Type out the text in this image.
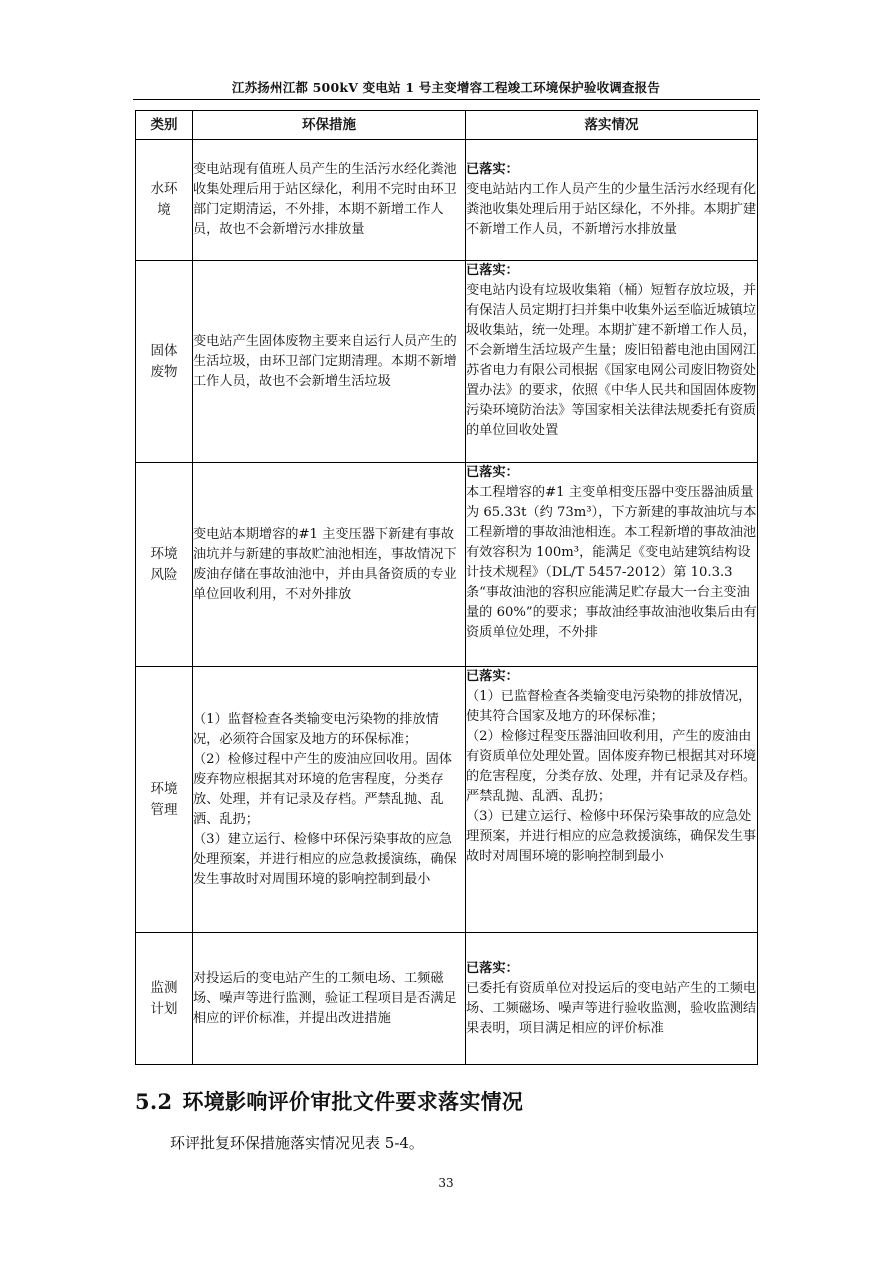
江苏扬州江都 500kV 变电站 1 号主变增容工程竣工环境保护验收调查报告
类别	环保措施	落实情况
水环境	变电站现有值班人员产生的生活污水经化粪池收集处理后用于站区绿化，利用不完时由环卫部门定期清运，不外排，本期不新增工作人员，故也不会新增污水排放量	已落实：
变电站站内工作人员产生的少量生活污水经现有化粪池收集处理后用于站区绿化，不外排。本期扩建不新增工作人员，不新增污水排放量

固体废物	变电站产生固体废物主要来自运行人员产生的生活垃圾，由环卫部门定期清理。本期不新增工作人员，故也不会新增生活垃圾	已落实：
变电站内设有垃圾收集箱（桶）短暂存放垃圾，并有保洁人员定期打扫并集中收集外运至临近城镇垃圾收集站，统一处理。本期扩建不新增工作人员，不会新增生活垃圾产生量；废旧铅蓄电池由国网江苏省电力有限公司根据《国家电网公司废旧物资处置办法》的要求，依照《中华人民共和国固体废物污染环境防治法》等国家相关法律法规委托有资质的单位回收处置

环境风险	变电站本期增容的#1 主变压器下新建有事故油坑并与新建的事故贮油池相连，事故情况下废油存储在事故油池中，并由具备资质的专业单位回收利用，不对外排放	已落实：
本工程增容的#1 主变单相变压器中变压器油质量为 65.33t（约 73m³），下方新建的事故油坑与本工程新增的事故油池相连。本工程新增的事故油池有效容积为 100m³，能满足《变电站建筑结构设计技术规程》（DL/T 5457-2012）第 10.3.3 条“事故油池的容积应能满足贮存最大一台主变油量的 60%”的要求；事故油经事故油池收集后由有资质单位处理，不外排

环境管理	（1）监督检查各类输变电污染物的排放情况，必须符合国家及地方的环保标准；
（2）检修过程中产生的废油应回收用。固体废弃物应根据其对环境的危害程度，分类存放、处理，并有记录及存档。严禁乱抛、乱洒、乱扔；
（3）建立运行、检修中环保污染事故的应急处理预案，并进行相应的应急救援演练，确保发生事故时对周围环境的影响控制到最小	已落实：
（1）已监督检查各类输变电污染物的排放情况，使其符合国家及地方的环保标准；
（2）检修过程变压器油回收利用，产生的废油由有资质单位处理处置。固体废弃物已根据其对环境的危害程度，分类存放、处理，并有记录及存档。严禁乱抛、乱洒、乱扔；
（3）已建立运行、检修中环保污染事故的应急处理预案，并进行相应的应急救援演练，确保发生事故时对周围环境的影响控制到最小

监测计划	对投运后的变电站产生的工频电场、工频磁场、噪声等进行监测，验证工程项目是否满足相应的评价标准，并提出改进措施	已落实：
已委托有资质单位对投运后的变电站产生的工频电场、工频磁场、噪声等进行验收监测，验收监测结果表明，项目满足相应的评价标准
5.2 环境影响评价审批文件要求落实情况
环评批复环保措施落实情况见表 5-4。
33
